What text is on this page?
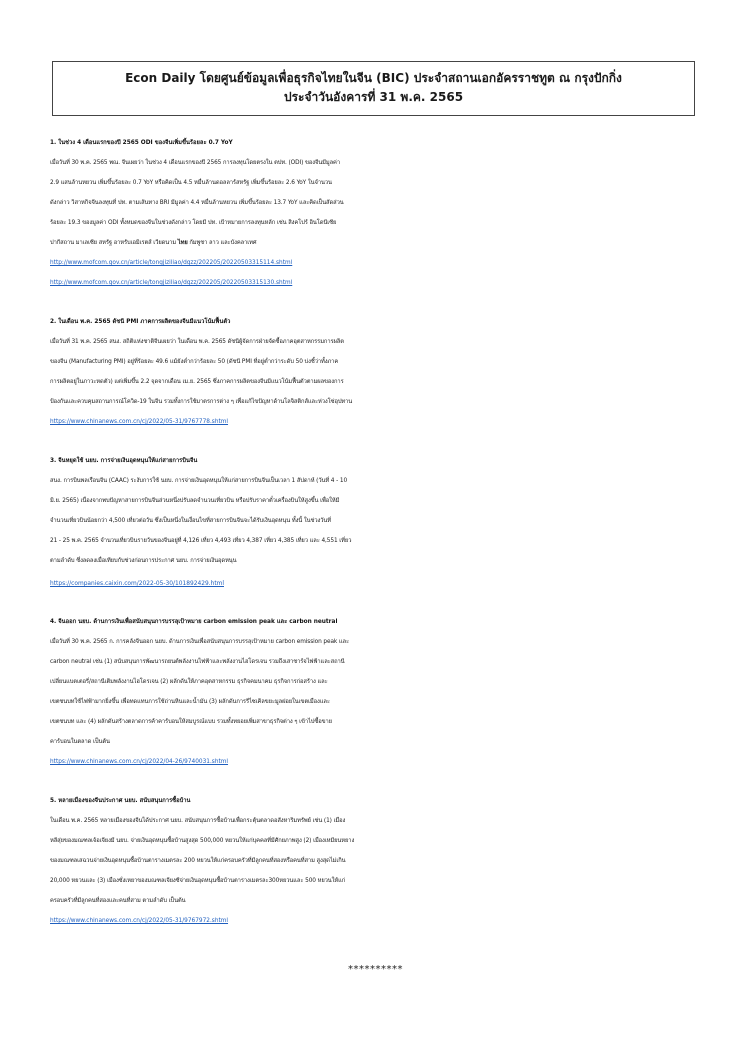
Econ Daily โดยศูนย์ข้อมูลเพื่อธุรกิจไทยในจีน (BIC) ประจำสถานเอกอัครราชทูต ณ กรุงปักกิ่ง
ประจำวันอังคารที่ 31 พ.ค. 2565
1. ในช่วง 4 เดือนแรกของปี 2565 ODI ของจีนเพิ่มขึ้นร้อยละ 0.7 YoY

เมื่อวันที่ 30 พ.ค. 2565 พณ. จีนเผยว่า ในช่วง 4 เดือนแรกของปี 2565 การลงทุนโดยตรงใน ตปท. (ODI) ของจีนมีมูลค่า

2.9 แสนล้านหยวน เพิ่มขึ้นร้อยละ 0.7 YoY หรือคิดเป็น 4.5 หมื่นล้านดอลลาร์สหรัฐ เพิ่มขึ้นร้อยละ 2.6 YoY ในจำนวน

ดังกล่าว วิสาหกิจจีนลงทุนที่ ปท. ตามเส้นทาง BRI มีมูลค่า 4.4 หมื่นล้านหยวน เพิ่มขึ้นร้อยละ 13.7 YoY และคิดเป็นสัดส่วน

ร้อยละ 19.3 ของมูลค่า ODI ทั้งหมดของจีนในช่วงดังกล่าว โดยมี ปท. เป้าหมายการลงทุนหลัก เช่น สิงคโปร์ อินโดนีเซีย

ปากีสถาน มาเลเซีย สหรัฐ อาหรับเอมิเรตส์ เวียดนาม ไทย กัมพูชา ลาว และบังคลาเทศ

http://www.mofcom.gov.cn/article/tongjiziliao/dgzz/202205/20220503315114.shtml
http://www.mofcom.gov.cn/article/tongjiziliao/dgzz/202205/20220503315130.shtml
2. ในเดือน พ.ค. 2565 ดัชนี PMI ภาคการผลิตของจีนมีแนวโน้มฟื้นตัว

เมื่อวันที่ 31 พ.ค. 2565 สนง. สถิติแห่งชาติจีนเผยว่า ในเดือน พ.ค. 2565 ดัชนีผู้จัดการฝ่ายจัดซื้อภาคอุตสาหกรรมการผลิต

ของจีน (Manufacturing PMI) อยู่ที่ร้อยละ 49.6 แม้ยังต่ำกว่าร้อยละ 50 (ดัชนี PMI ที่อยู่ต่ำกว่าระดับ 50 บ่งชี้ว่าทั้งภาค

การผลิตอยู่ในภาวะหดตัว) แต่เพิ่มขึ้น 2.2 จุดจากเดือน เม.ย. 2565 ซึ่งภาคการผลิตของจีนมีแนวโน้มฟื้นตัวตามผลของการ

ป้องกันและควบคุมสถานการณ์โควิด-19 ในจีน รวมทั้งการใช้มาตรการต่าง ๆ เพื่อแก้ไขปัญหาด้านโลจิสติกส์และห่วงโซ่อุปทาน

https://www.chinanews.com.cn/cj/2022/05-31/9767778.shtml
3. จีนหยุดใช้ นยบ. การจ่ายเงินอุดหนุนให้แก่สายการบินจีน

สนง. การบินพลเรือนจีน (CAAC) ระงับการใช้ นยบ. การจ่ายเงินอุดหนุนให้แก่สายการบินจีนเป็นเวลา 1 สัปดาห์ (วันที่ 4 - 10

มิ.ย. 2565) เนื่องจากพบปัญหาสายการบินจีนส่วนหนึ่งปรับลดจำนวนเที่ยวบิน หรือปรับราคาตั๋วเครื่องบินให้สูงขึ้น เพื่อให้มี

จำนวนเที่ยวบินน้อยกว่า 4,500 เที่ยวต่อวัน ซึ่งเป็นหนึ่งในเงื่อนไขที่สายการบินจีนจะได้รับเงินอุดหนุน ทั้งนี้ ในช่วงวันที่

21 - 25 พ.ค. 2565 จำนวนเที่ยวบินรายวันของจีนอยู่ที่ 4,126 เที่ยว 4,493 เที่ยว 4,387 เที่ยว 4,385 เที่ยว และ 4,551 เที่ยว

ตามลำดับ ซึ่งลดลงเมื่อเทียบกับช่วงก่อนการประกาศ นยบ. การจ่ายเงินอุดหนุน

https://companies.caixin.com/2022-05-30/101892429.html
4. จีนออก นยบ. ด้านการเงินเพื่อสนับสนุนการบรรลุเป้าหมาย carbon emission peak และ carbon neutral

เมื่อวันที่ 30 พ.ค. 2565 ก. การคลังจีนออก นยบ. ด้านการเงินเพื่อสนับสนุนการบรรลุเป้าหมาย carbon emission peak และ

carbon neutral เช่น (1) สนับสนุนการพัฒนารถยนต์พลังงานไฟฟ้าและพลังงานไฮโดรเจน รวมถึงเสาชาร์จไฟฟ้าและสถานี

เปลี่ยนแบตเตอรี่/สถานีเติมพลังงานไฮโดรเจน (2) ผลักดันให้ภาคอุตสาหกรรม ธุรกิจคมนาคม ธุรกิจการก่อสร้าง และ

เขตชนบทใช้ไฟฟ้ามากยิ่งขึ้น เพื่อทดแทนการใช้ถ่านหินและน้ำมัน (3) ผลักดันการรีไซเคิลขยะมูลฝอยในเขตเมืองและ

เขตชนบท และ (4) ผลักดันสร้างตลาดการค้าคาร์บอนให้สมบูรณ์แบบ รวมทั้งทยอยเพิ่มสาขาธุรกิจต่าง ๆ เข้าไปซื้อขาย

คาร์บอนในตลาด เป็นต้น

https://www.chinanews.com.cn/cj/2022/04-26/9740031.shtml
5. หลายเมืองของจีนประกาศ นยบ. สนับสนุนการซื้อบ้าน

ในเดือน พ.ค. 2565 หลายเมืองของจีนได้ประกาศ นยบ. สนับสนุนการซื้อบ้านเพื่อกระตุ้นตลาดอสังหาริมทรัพย์ เช่น (1) เมือง

หลีสุ่ยของมณฑลเจ้อเจียงมี นยบ. จ่ายเงินอุดหนุนซื้อบ้านสูงสุด 500,000 หยวนให้แก่บุคคลที่มีศักยภาพสูง (2) เมืองเหมียนหยาง

ของมณฑลเสฉวนจ่ายเงินอุดหนุนซื้อบ้านตารางเมตรละ 200 หยวนให้แก่ครอบครัวที่มีลูกคนที่สองหรือคนที่สาม สูงสุดไม่เกิน

20,000 หยวนและ (3) เมืองซั่งเหยาของมณฑลเจียงซีจ่ายเงินอุดหนุนซื้อบ้านตารางเมตรละ300หยวนและ 500 หยวนให้แก่

ครอบครัวที่มีลูกคนที่สองและคนที่สาม ตามลำดับ เป็นต้น

https://www.chinanews.com.cn/cj/2022/05-31/9767972.shtml
**********
